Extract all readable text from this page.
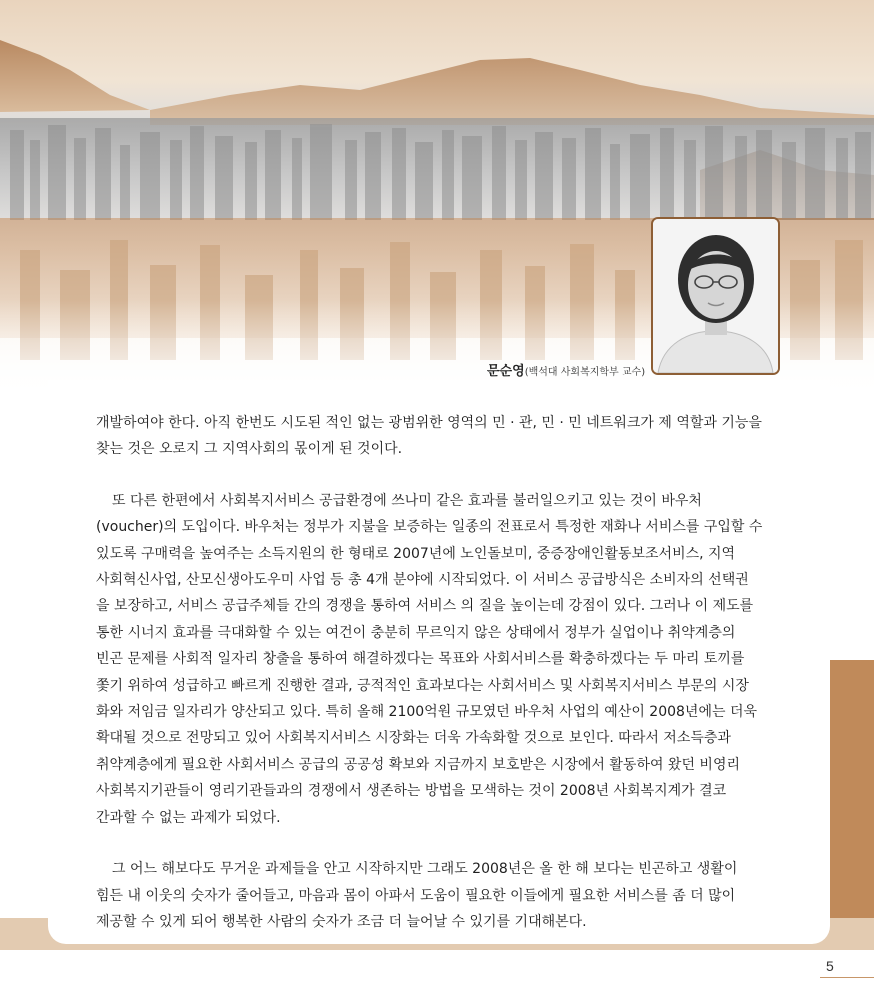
문순영(백석대 사회복지학부 교수)

개발하여야 한다. 아직 한번도 시도된 적인 없는 광범위한 영역의 민 · 관, 민 · 민 네트워크가 제 역할과 기능을
찾는 것은 오로지 그 지역사회의 몫이게 된 것이다.

또 다른 한편에서 사회복지서비스 공급환경에 쓰나미 같은 효과를 불러일으키고 있는 것이 바우처
(voucher)의 도입이다. 바우처는 정부가 지불을 보증하는 일종의 전표로서 특정한 재화나 서비스를 구입할 수
있도록 구매력을 높여주는 소득지원의 한 형태로 2007년에 노인돌보미, 중증장애인활동보조서비스, 지역
사회혁신사업, 산모신생아도우미 사업 등 총 4개 분야에 시작되었다. 이 서비스 공급방식은 소비자의 선택권
을 보장하고, 서비스 공급주체들 간의 경쟁을 통하여 서비스 의 질을 높이는데 강점이 있다. 그러나 이 제도를
통한 시너지 효과를 극대화할 수 있는 여건이 충분히 무르익지 않은 상태에서 정부가 실업이나 취약계층의
빈곤 문제를 사회적 일자리 창출을 통하여 해결하겠다는 목표와 사회서비스를 확충하겠다는 두 마리 토끼를
쫓기 위하여 성급하고 빠르게 진행한 결과, 긍적적인 효과보다는 사회서비스 및 사회복지서비스 부문의 시장
화와 저임금 일자리가 양산되고 있다. 특히 올해 2100억원 규모였던 바우처 사업의 예산이 2008년에는 더욱
확대될 것으로 전망되고 있어 사회복지서비스 시장화는 더욱 가속화할 것으로 보인다. 따라서 저소득층과
취약계층에게 필요한 사회서비스 공급의 공공성 확보와 지금까지 보호받은 시장에서 활동하여 왔던 비영리
사회복지기관들이 영리기관들과의 경쟁에서 생존하는 방법을 모색하는 것이 2008년 사회복지계가 결코
간과할 수 없는 과제가 되었다.

그 어느 해보다도 무거운 과제들을 안고 시작하지만 그래도 2008년은 올 한 해 보다는 빈곤하고 생활이
힘든 내 이웃의 숫자가 줄어들고, 마음과 몸이 아파서 도움이 필요한 이들에게 필요한 서비스를 좀 더 많이
제공할 수 있게 되어 행복한 사람의 숫자가 조금 더 늘어날 수 있기를 기대해본다.

5
